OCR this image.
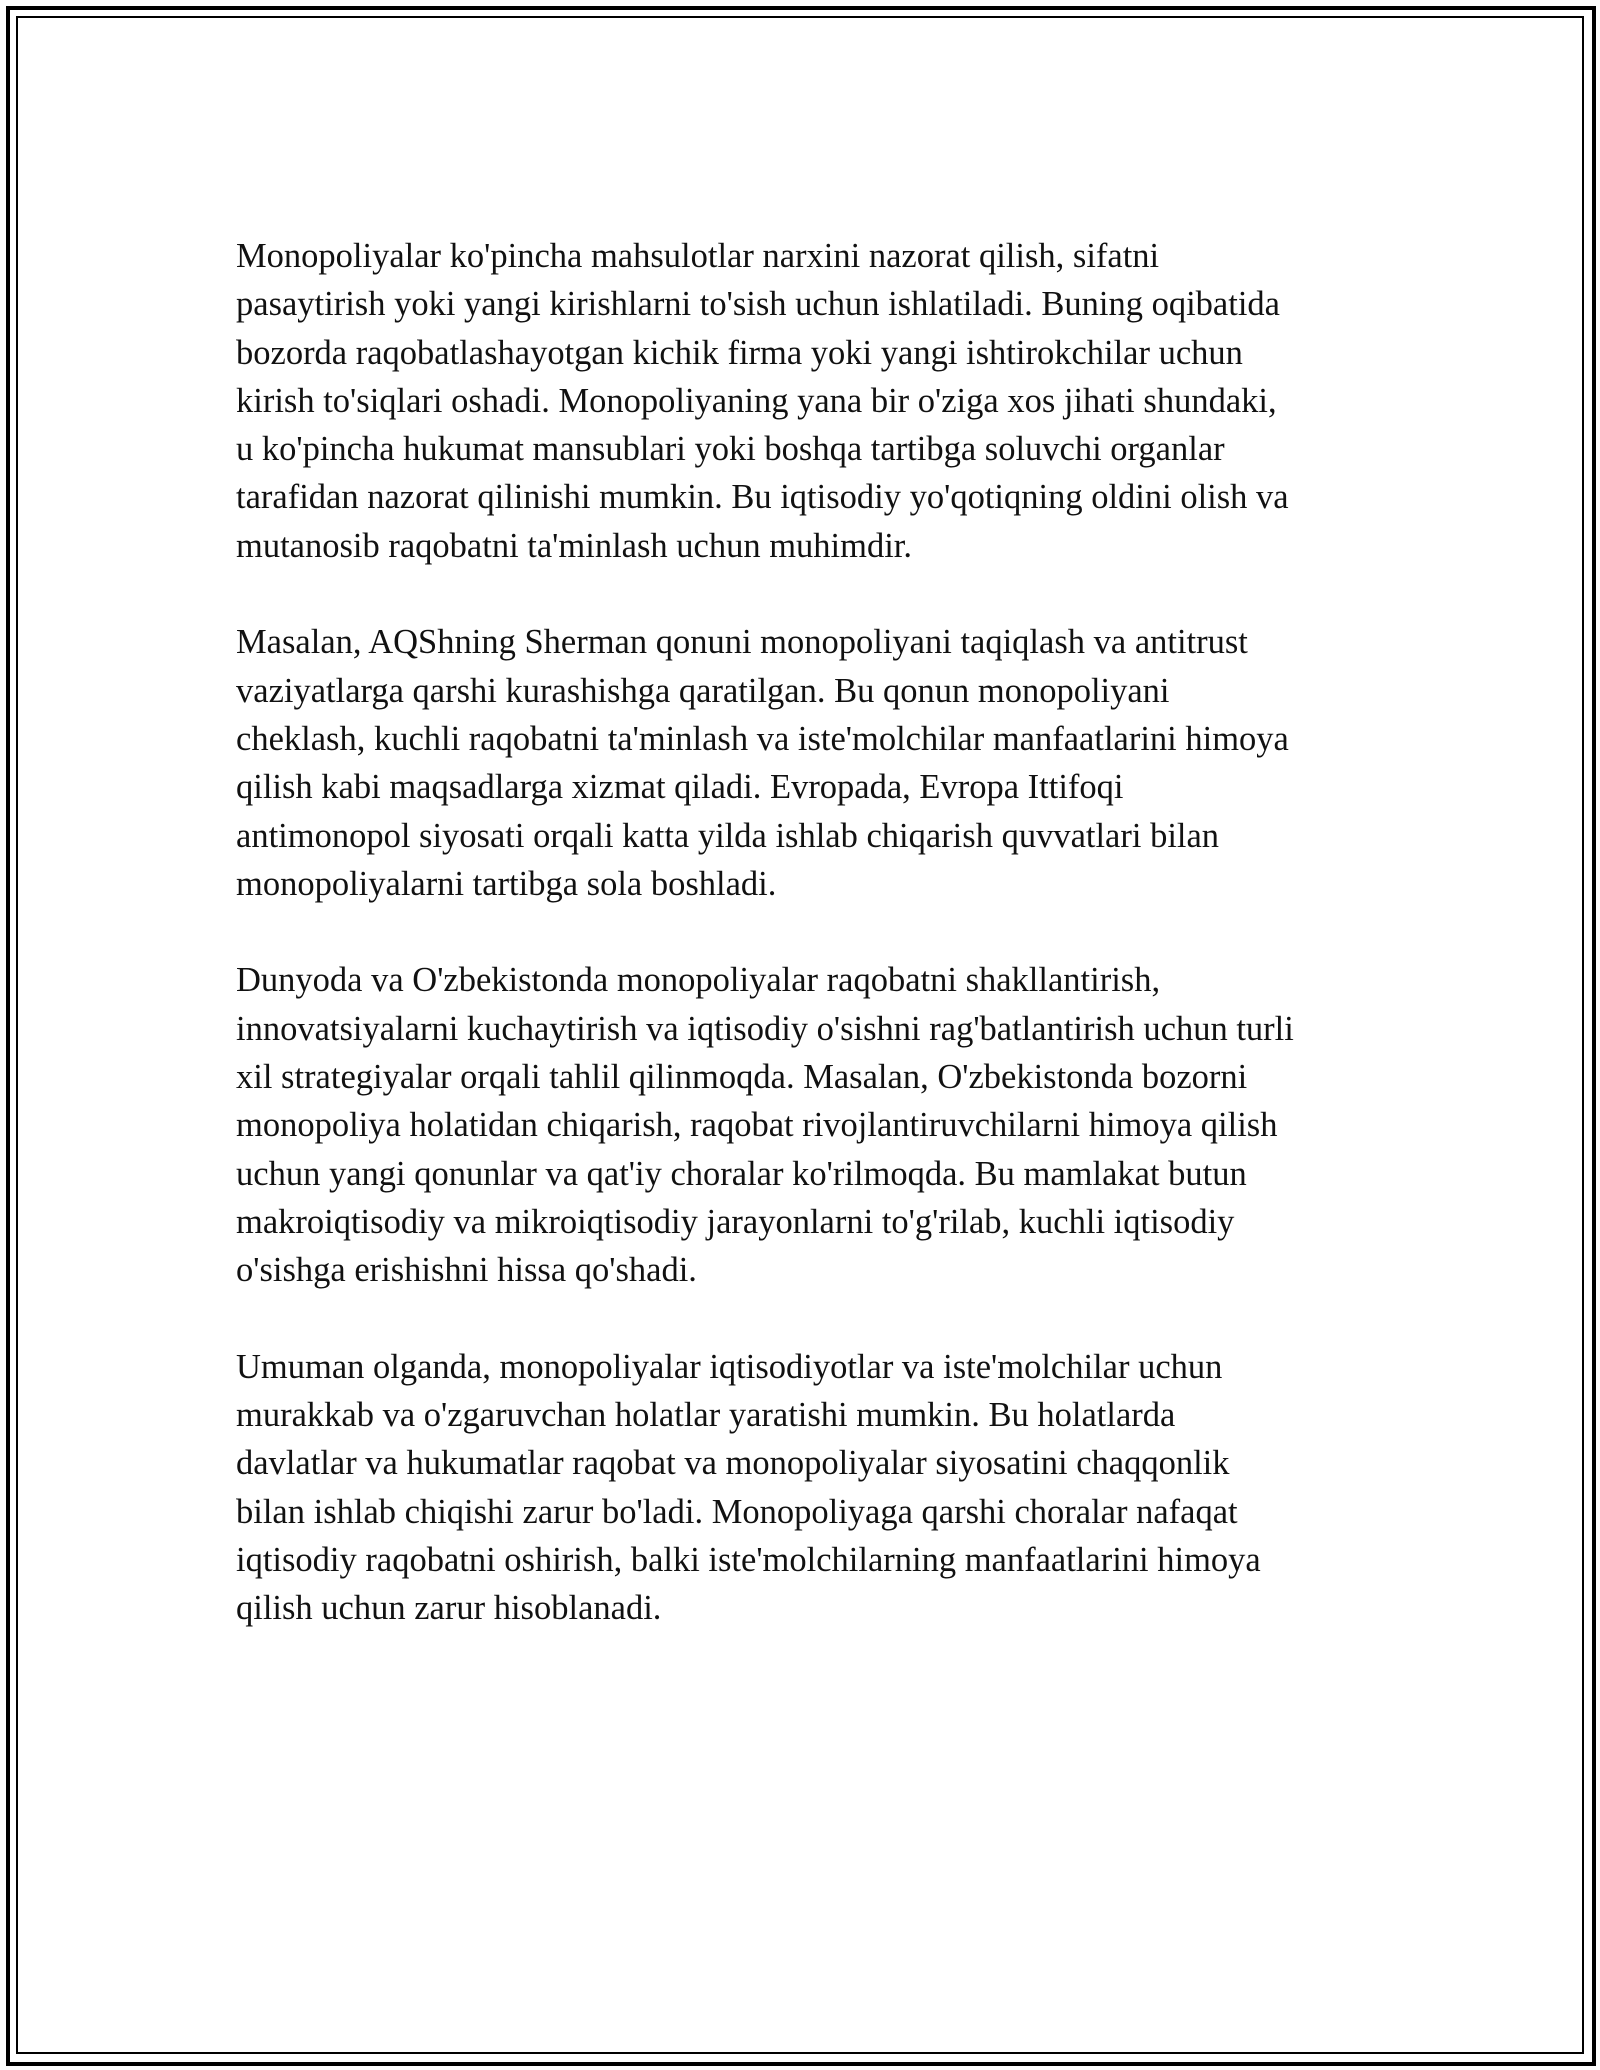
Monopoliyalar ko'pincha mahsulotlar narxini nazorat qilish, sifatni
pasaytirish yoki yangi kirishlarni to'sish uchun ishlatiladi. Buning oqibatida
bozorda raqobatlashayotgan kichik firma yoki yangi ishtirokchilar uchun
kirish to'siqlari oshadi. Monopoliyaning yana bir o'ziga xos jihati shundaki,
u ko'pincha hukumat mansublari yoki boshqa tartibga soluvchi organlar
tarafidan nazorat qilinishi mumkin. Bu iqtisodiy yo'qotiqning oldini olish va
mutanosib raqobatni ta'minlash uchun muhimdir.

Masalan, AQShning Sherman qonuni monopoliyani taqiqlash va antitrust
vaziyatlarga qarshi kurashishga qaratilgan. Bu qonun monopoliyani
cheklash, kuchli raqobatni ta'minlash va iste'molchilar manfaatlarini himoya
qilish kabi maqsadlarga xizmat qiladi. Evropada, Evropa Ittifoqi
antimonopol siyosati orqali katta yilda ishlab chiqarish quvvatlari bilan
monopoliyalarni tartibga sola boshladi.

Dunyoda va O'zbekistonda monopoliyalar raqobatni shakllantirish,
innovatsiyalarni kuchaytirish va iqtisodiy o'sishni rag'batlantirish uchun turli
xil strategiyalar orqali tahlil qilinmoqda. Masalan, O'zbekistonda bozorni
monopoliya holatidan chiqarish, raqobat rivojlantiruvchilarni himoya qilish
uchun yangi qonunlar va qat'iy choralar ko'rilmoqda. Bu mamlakat butun
makroiqtisodiy va mikroiqtisodiy jarayonlarni to'g'rilab, kuchli iqtisodiy
o'sishga erishishni hissa qo'shadi.

Umuman olganda, monopoliyalar iqtisodiyotlar va iste'molchilar uchun
murakkab va o'zgaruvchan holatlar yaratishi mumkin. Bu holatlarda
davlatlar va hukumatlar raqobat va monopoliyalar siyosatini chaqqonlik
bilan ishlab chiqishi zarur bo'ladi. Monopoliyaga qarshi choralar nafaqat
iqtisodiy raqobatni oshirish, balki iste'molchilarning manfaatlarini himoya
qilish uchun zarur hisoblanadi.
